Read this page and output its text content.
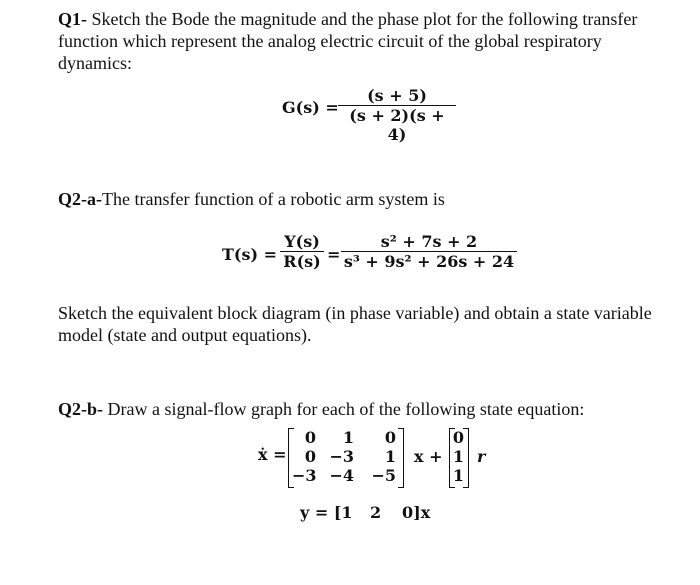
Q1- Sketch the Bode the magnitude and the phase plot for the following transfer
function which represent the analog electric circuit of the global respiratory
dynamics:
G(s) =
(s + 5)
(s + 2)(s + 4)
Q2-a-The transfer function of a robotic arm system is
T(s) =
Y(s)
R(s) =
s² + 7s + 2
s³ + 9s² + 26s + 24
Sketch the equivalent block diagram (in phase variable) and obtain a state variable
model (state and output equations).
Q2-b- Draw a signal-flow graph for each of the following state equation:
ẋ =
0	1	0
0 −3	1
−3 −4 −5
x +
0
1
1
r
y = [1 2 0]x
